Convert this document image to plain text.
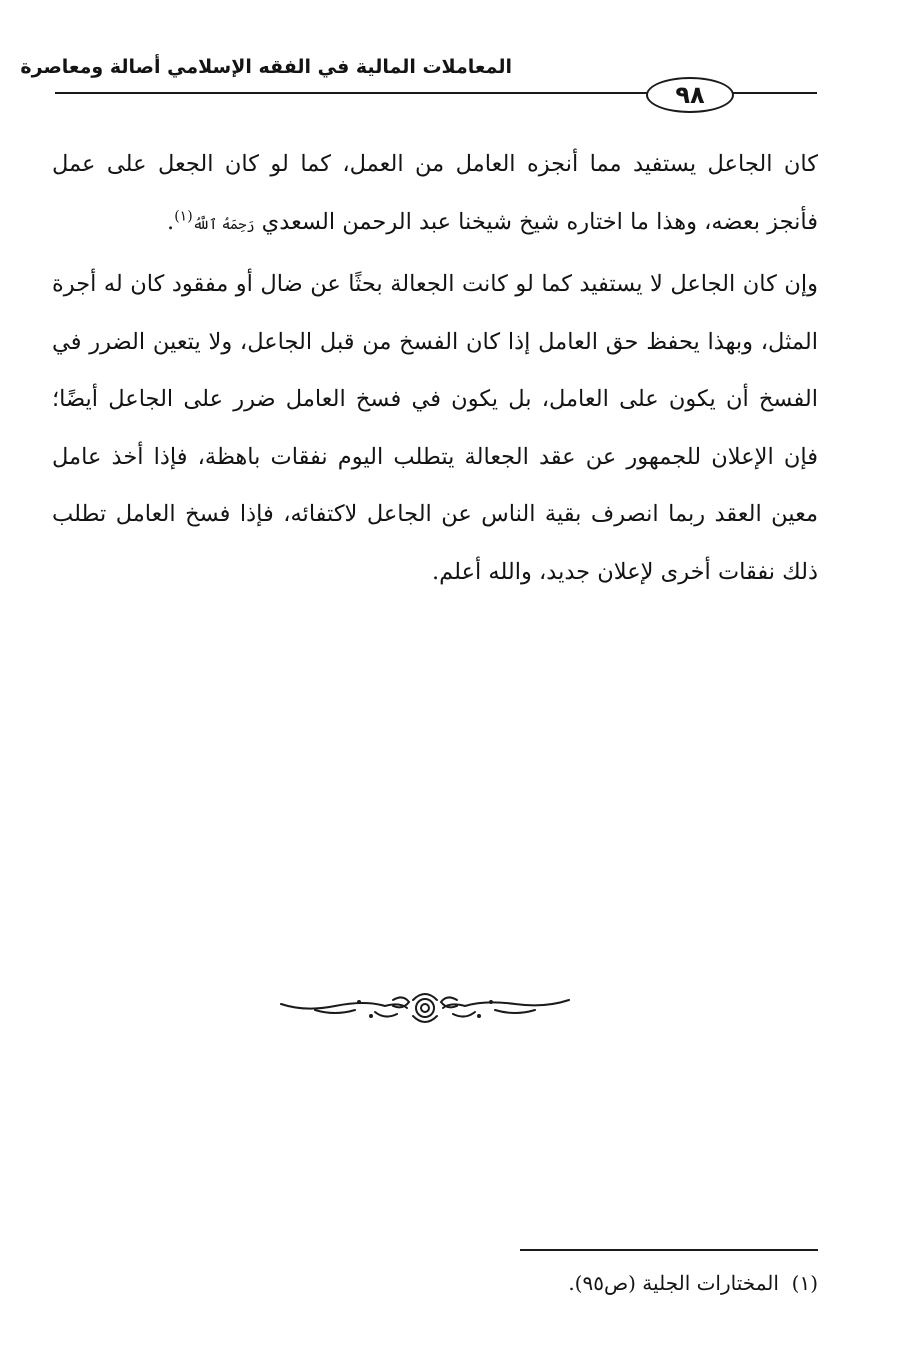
المعاملات المالية في الفقه الإسلامي أصالة ومعاصرة
٩٨

كان الجاعل يستفيد مما أنجزه العامل من العمل، كما لو كان الجعل على عمل فأنجز بعضه، وهذا ما اختاره شيخ شيخنا عبد الرحمن السعدي رَحِمَهُ ٱللَّهُ$^{(١)}$.

وإن كان الجاعل لا يستفيد كما لو كانت الجعالة بحثًا عن ضال أو مفقود كان له أجرة المثل، وبهذا يحفظ حق العامل إذا كان الفسخ من قبل الجاعل، ولا يتعين الضرر في الفسخ أن يكون على العامل، بل يكون في فسخ العامل ضرر على الجاعل أيضًا؛ فإن الإعلان للجمهور عن عقد الجعالة يتطلب اليوم نفقات باهظة، فإذا أخذ عامل معين العقد ربما انصرف بقية الناس عن الجاعل لاكتفائه، فإذا فسخ العامل تطلب ذلك نفقات أخرى لإعلان جديد، والله أعلم.

(١)  المختارات الجلية (ص٩٥).
